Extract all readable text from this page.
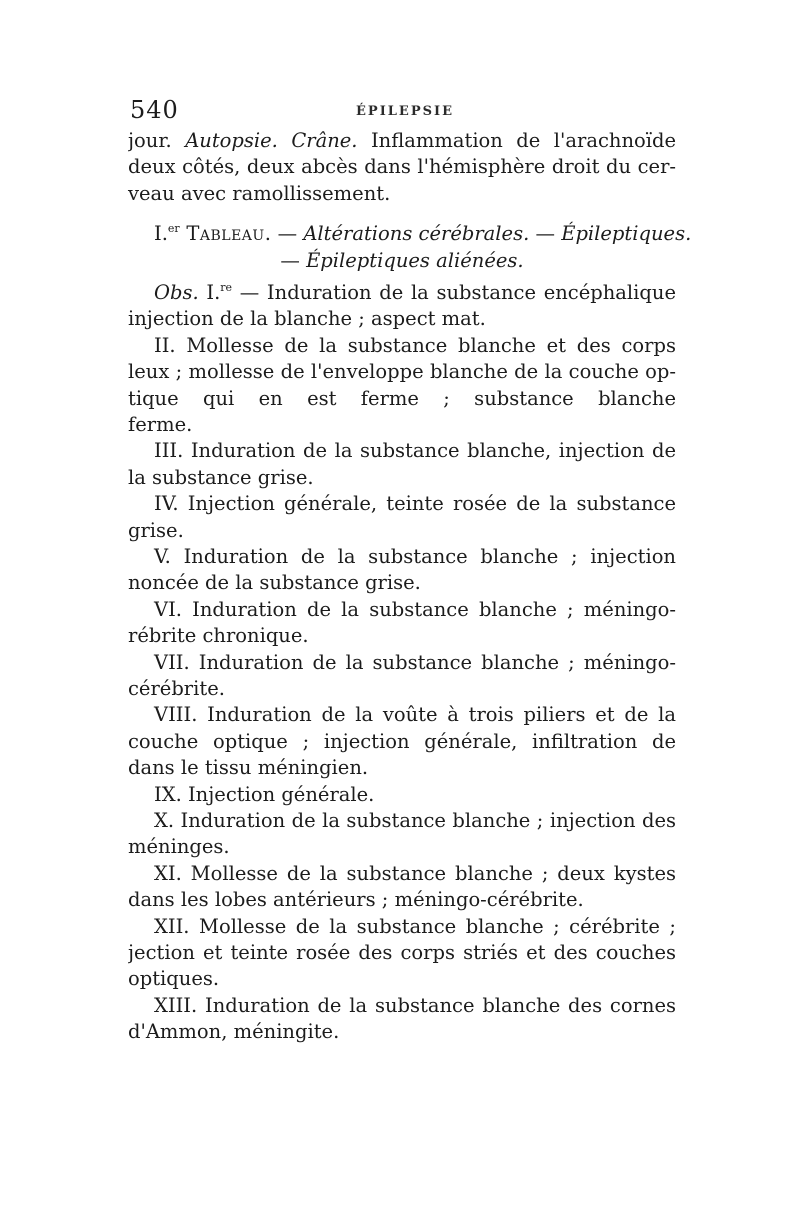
540	ÉPILEPSIE
jour. Autopsie. Crâne. Inflammation de l'arachnoïde
deux côtés, deux abcès dans l'hémisphère droit du cer-
veau avec ramollissement.
I.$^{er}$ Tableau. — Altérations cérébrales. — Épileptiques.
— Épileptiques aliénées.
Obs. I.$^{re}$ — Induration de la substance encéphalique
injection de la blanche ; aspect mat.
II. Mollesse de la substance blanche et des corps
leux ; mollesse de l'enveloppe blanche de la couche op-
tique qui en est ferme ; substance blanche
ferme.
III. Induration de la substance blanche, injection de
la substance grise.
IV. Injection générale, teinte rosée de la substance
grise.
V. Induration de la substance blanche ; injection
noncée de la substance grise.
VI. Induration de la substance blanche ; méningo-
rébrite chronique.
VII. Induration de la substance blanche ; méningo-
cérébrite.
VIII. Induration de la voûte à trois piliers et de la
couche optique ; injection générale, infiltration de
dans le tissu méningien.
IX. Injection générale.
X. Induration de la substance blanche ; injection des
méninges.
XI. Mollesse de la substance blanche ; deux kystes
dans les lobes antérieurs ; méningo-cérébrite.
XII. Mollesse de la substance blanche ; cérébrite ;
jection et teinte rosée des corps striés et des couches
optiques.
XIII. Induration de la substance blanche des cornes
d'Ammon, méningite.
